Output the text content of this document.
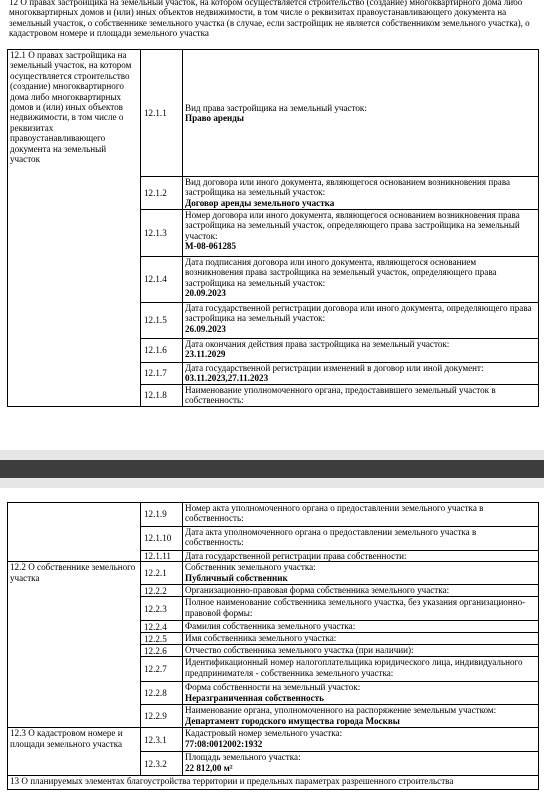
12 О правах застройщика на земельный участок, на котором осуществляется строительство (создание) многоквартирного дома либо многоквартирных домов и (или) иных объектов недвижимости, в том числе о реквизитах правоустанавливающего документа на земельный участок, о собственнике земельного участка (в случае, если застройщик не является собственником земельного участка), о кадастровом номере и площади земельного участка
12.1 О правах застройщика на земельный участок, на котором осуществляется строительство (создание) многоквартирного дома либо многоквартирных домов и (или) иных объектов недвижимости, в том числе о реквизитах правоустанавливающего документа на земельный участок	12.1.1	Вид права застройщика на земельный участок:
Право аренды

	12.1.2	Вид договора или иного документа, являющегося основанием возникновения права застройщика на земельный участок:
Договор аренды земельного участка

	12.1.3	Номер договора или иного документа, являющегося основанием возникновения права застройщика на земельный участок, определяющего права застройщика на земельный участок:
М-08-061285

	12.1.4	Дата подписания договора или иного документа, являющегося основанием возникновения права застройщика на земельный участок, определяющего права застройщика на земельный участок:
20.09.2023

	12.1.5	Дата государственной регистрации договора или иного документа, определяющего права застройщика на земельный участок:
26.09.2023

	12.1.6	Дата окончания действия права застройщика на земельный участок:
23.11.2029

	12.1.7	Дата государственной регистрации изменений в договор или иной документ:
03.11.2023,27.11.2023

	12.1.8	Наименование уполномоченного органа, предоставившего земельный участок в собственность:
	12.1.9	Номер акта уполномоченного органа о предоставлении земельного участка в собственность:
	12.1.10	Дата акта уполномоченного органа о предоставлении земельного участка в собственность:
	12.1.11	Дата государственной регистрации права собственности:
12.2 О собственнике земельного участка	12.2.1	Собственник земельного участка:
Публичный собственник

	12.2.2	Организационно-правовая форма собственника земельного участка:
	12.2.3	Полное наименование собственника земельного участка, без указания организационно-правовой формы:
	12.2.4	Фамилия собственника земельного участка:
	12.2.5	Имя собственника земельного участка:
	12.2.6	Отчество собственника земельного участка (при наличии):
	12.2.7	Идентификационный номер налогоплательщика юридического лица, индивидуального предпринимателя - собственника земельного участка:
	12.2.8	Форма собственности на земельный участок:
Неразграниченная собственность

	12.2.9	Наименование органа, уполномоченного на распоряжение земельным участком:
Департамент городского имущества города Москвы

12.3 О кадастровом номере и площади земельного участка	12.3.1	Кадастровый номер земельного участка:
77:08:0012002:1932

	12.3.2	Площадь земельного участка:
22 812,00 м²

13 О планируемых элементах благоустройства территории и предельных параметрах разрешенного строительства		
